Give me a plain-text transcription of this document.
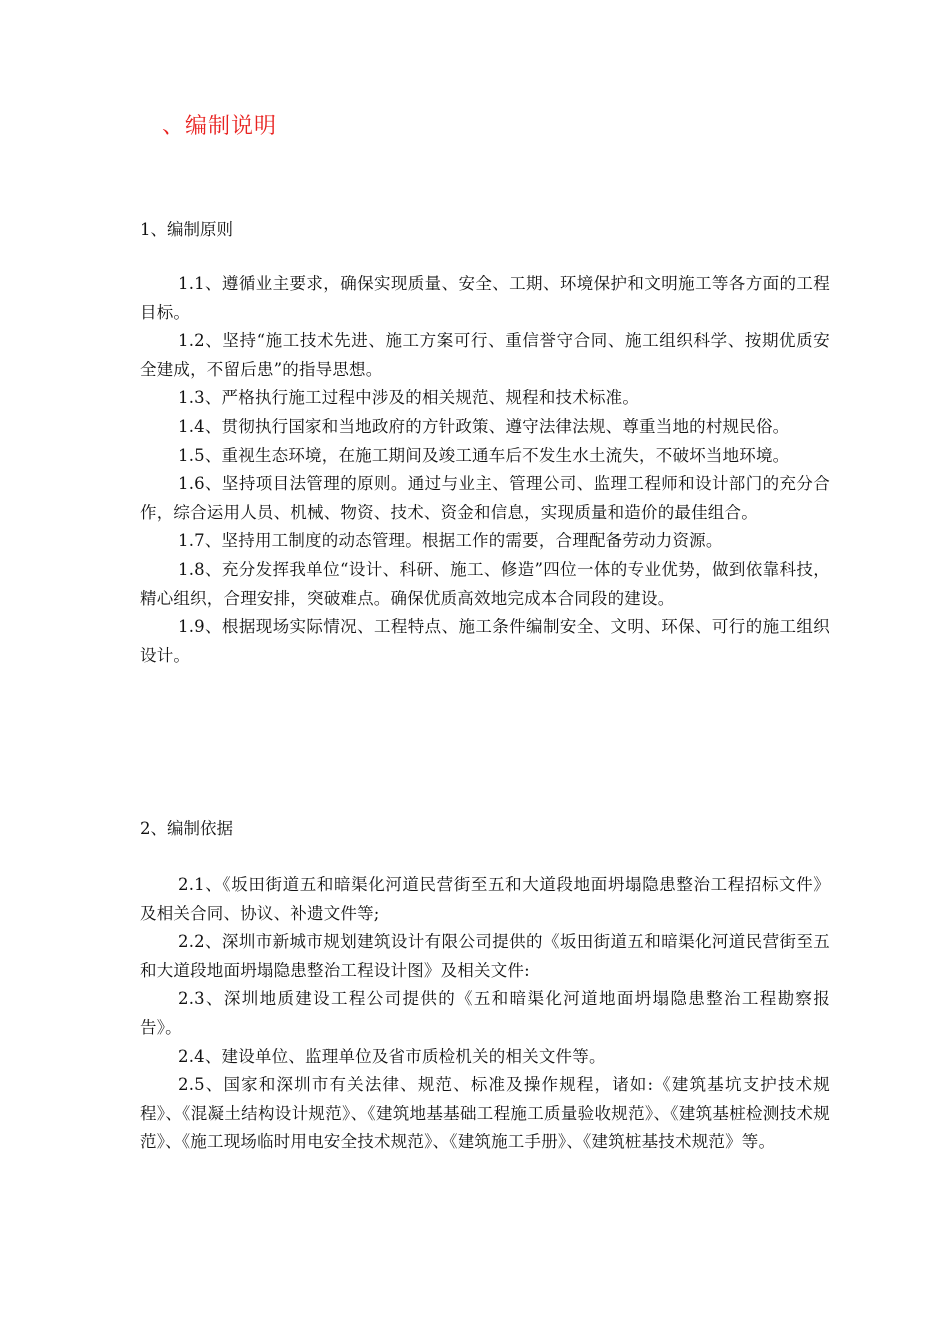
、编制说明
1、编制原则

1.1、遵循业主要求，确保实现质量、安全、工期、环境保护和文明施工等各方面的工程目标。

1.2、坚持“施工技术先进、施工方案可行、重信誉守合同、施工组织科学、按期优质安全建成，不留后患”的指导思想。

1.3、严格执行施工过程中涉及的相关规范、规程和技术标准。

1.4、贯彻执行国家和当地政府的方针政策、遵守法律法规、尊重当地的村规民俗。

1.5、重视生态环境，在施工期间及竣工通车后不发生水土流失，不破坏当地环境。

1.6、坚持项目法管理的原则。通过与业主、管理公司、监理工程师和设计部门的充分合作，综合运用人员、机械、物资、技术、资金和信息，实现质量和造价的最佳组合。

1.7、坚持用工制度的动态管理。根据工作的需要，合理配备劳动力资源。

1.8、充分发挥我单位“设计、科研、施工、修造”四位一体的专业优势，做到依靠科技，精心组织，合理安排，突破难点。确保优质高效地完成本合同段的建设。

1.9、根据现场实际情况、工程特点、施工条件编制安全、文明、环保、可行的施工组织设计。

2、编制依据

2.1、《坂田街道五和暗渠化河道民营街至五和大道段地面坍塌隐患整治工程招标文件》及相关合同、协议、补遗文件等;

2.2、深圳市新城市规划建筑设计有限公司提供的《坂田街道五和暗渠化河道民营街至五和大道段地面坍塌隐患整治工程设计图》及相关文件:

2.3、深圳地质建设工程公司提供的《五和暗渠化河道地面坍塌隐患整治工程勘察报告》。

2.4、建设单位、监理单位及省市质检机关的相关文件等。

2.5、国家和深圳市有关法律、规范、标准及操作规程，诸如:《建筑基坑支护技术规程》、《混凝土结构设计规范》、《建筑地基基础工程施工质量验收规范》、《建筑基桩检测技术规范》、《施工现场临时用电安全技术规范》、《建筑施工手册》、《建筑桩基技术规范》等。
